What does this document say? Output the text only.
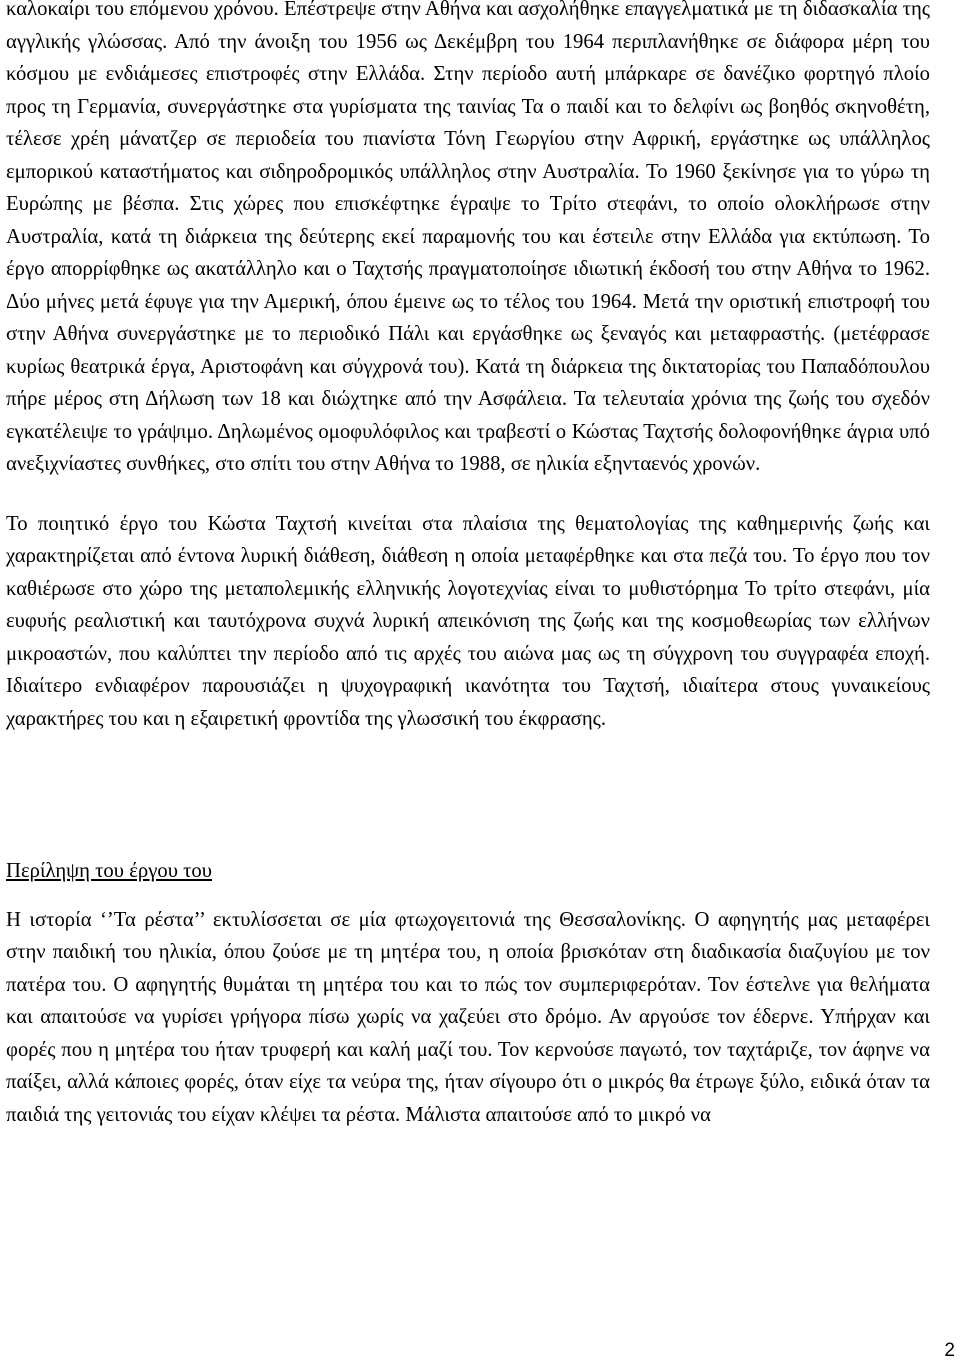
καλοκαίρι του επόμενου χρόνου. Επέστρεψε στην Αθήνα και ασχολήθηκε επαγγελματικά με τη διδασκαλία της αγγλικής γλώσσας. Από την άνοιξη του 1956 ως Δεκέμβρη του 1964 περιπλανήθηκε σε διάφορα μέρη του κόσμου με ενδιάμεσες επιστροφές στην Ελλάδα. Στην περίοδο αυτή μπάρκαρε σε δανέζικο φορτηγό πλοίο προς τη Γερμανία, συνεργάστηκε στα γυρίσματα της ταινίας Τα ο παιδί και το δελφίνι ως βοηθός σκηνοθέτη, τέλεσε χρέη μάνατζερ σε περιοδεία του πιανίστα Τόνη Γεωργίου στην Αφρική, εργάστηκε ως υπάλληλος εμπορικού καταστήματος και σιδηροδρομικός υπάλληλος στην Αυστραλία. Το 1960 ξεκίνησε για το γύρω τη Ευρώπης με βέσπα. Στις χώρες που επισκέφτηκε έγραψε το Τρίτο στεφάνι, το οποίο ολοκλήρωσε στην Αυστραλία, κατά τη διάρκεια της δεύτερης εκεί παραμονής του και έστειλε στην Ελλάδα για εκτύπωση. Το έργο απορρίφθηκε ως ακατάλληλο και ο Ταχτσής πραγματοποίησε ιδιωτική έκδοσή του στην Αθήνα το 1962. Δύο μήνες μετά έφυγε για την Αμερική, όπου έμεινε ως το τέλος του 1964. Μετά την οριστική επιστροφή του στην Αθήνα συνεργάστηκε με το περιοδικό Πάλι και εργάσθηκε ως ξεναγός και μεταφραστής. (μετέφρασε κυρίως θεατρικά έργα, Αριστοφάνη και σύγχρονά του). Κατά τη διάρκεια της δικτατορίας του Παπαδόπουλου πήρε μέρος στη Δήλωση των 18 και διώχτηκε από την Ασφάλεια. Τα τελευταία χρόνια της ζωής του σχεδόν εγκατέλειψε το γράψιμο. Δηλωμένος ομοφυλόφιλος και τραβεστί ο Κώστας Ταχτσής δολοφονήθηκε άγρια υπό ανεξιχνίαστες συνθήκες, στο σπίτι του στην Αθήνα το 1988, σε ηλικία εξηνταενός χρονών.

Το ποιητικό έργο του Κώστα Ταχτσή κινείται στα πλαίσια της θεματολογίας της καθημερινής ζωής και χαρακτηρίζεται από έντονα λυρική διάθεση, διάθεση η οποία μεταφέρθηκε και στα πεζά του. Το έργο που τον καθιέρωσε στο χώρο της μεταπολεμικής ελληνικής λογοτεχνίας είναι το μυθιστόρημα Το τρίτο στεφάνι, μία ευφυής ρεαλιστική και ταυτόχρονα συχνά λυρική απεικόνιση της ζωής και της κοσμοθεωρίας των ελλήνων μικροαστών, που καλύπτει την περίοδο από τις αρχές του αιώνα μας ως τη σύγχρονη του συγγραφέα εποχή. Ιδιαίτερο ενδιαφέρον παρουσιάζει η ψυχογραφική ικανότητα του Ταχτσή, ιδιαίτερα στους γυναικείους χαρακτήρες του και η εξαιρετική φροντίδα της γλωσσική του έκφρασης.

Περίληψη του έργου του

Η ιστορία ‘’Τα ρέστα’’ εκτυλίσσεται σε μία φτωχογειτονιά της Θεσσαλονίκης. Ο αφηγητής μας μεταφέρει στην παιδική του ηλικία, όπου ζούσε με τη μητέρα του, η οποία βρισκόταν στη διαδικασία διαζυγίου με τον πατέρα του. Ο αφηγητής θυμάται τη μητέρα του και το πώς τον συμπεριφερόταν. Τον έστελνε για θελήματα και απαιτούσε να γυρίσει γρήγορα πίσω χωρίς να χαζεύει στο δρόμο. Αν αργούσε τον έδερνε. Υπήρχαν και φορές που η μητέρα του ήταν τρυφερή και καλή μαζί του. Τον κερνούσε παγωτό, τον ταχτάριζε, τον άφηνε να παίξει, αλλά κάποιες φορές, όταν είχε τα νεύρα της, ήταν σίγουρο ότι ο μικρός θα έτρωγε ξύλο, ειδικά όταν τα παιδιά της γειτονιάς του είχαν κλέψει τα ρέστα. Μάλιστα απαιτούσε από το μικρό να

2
